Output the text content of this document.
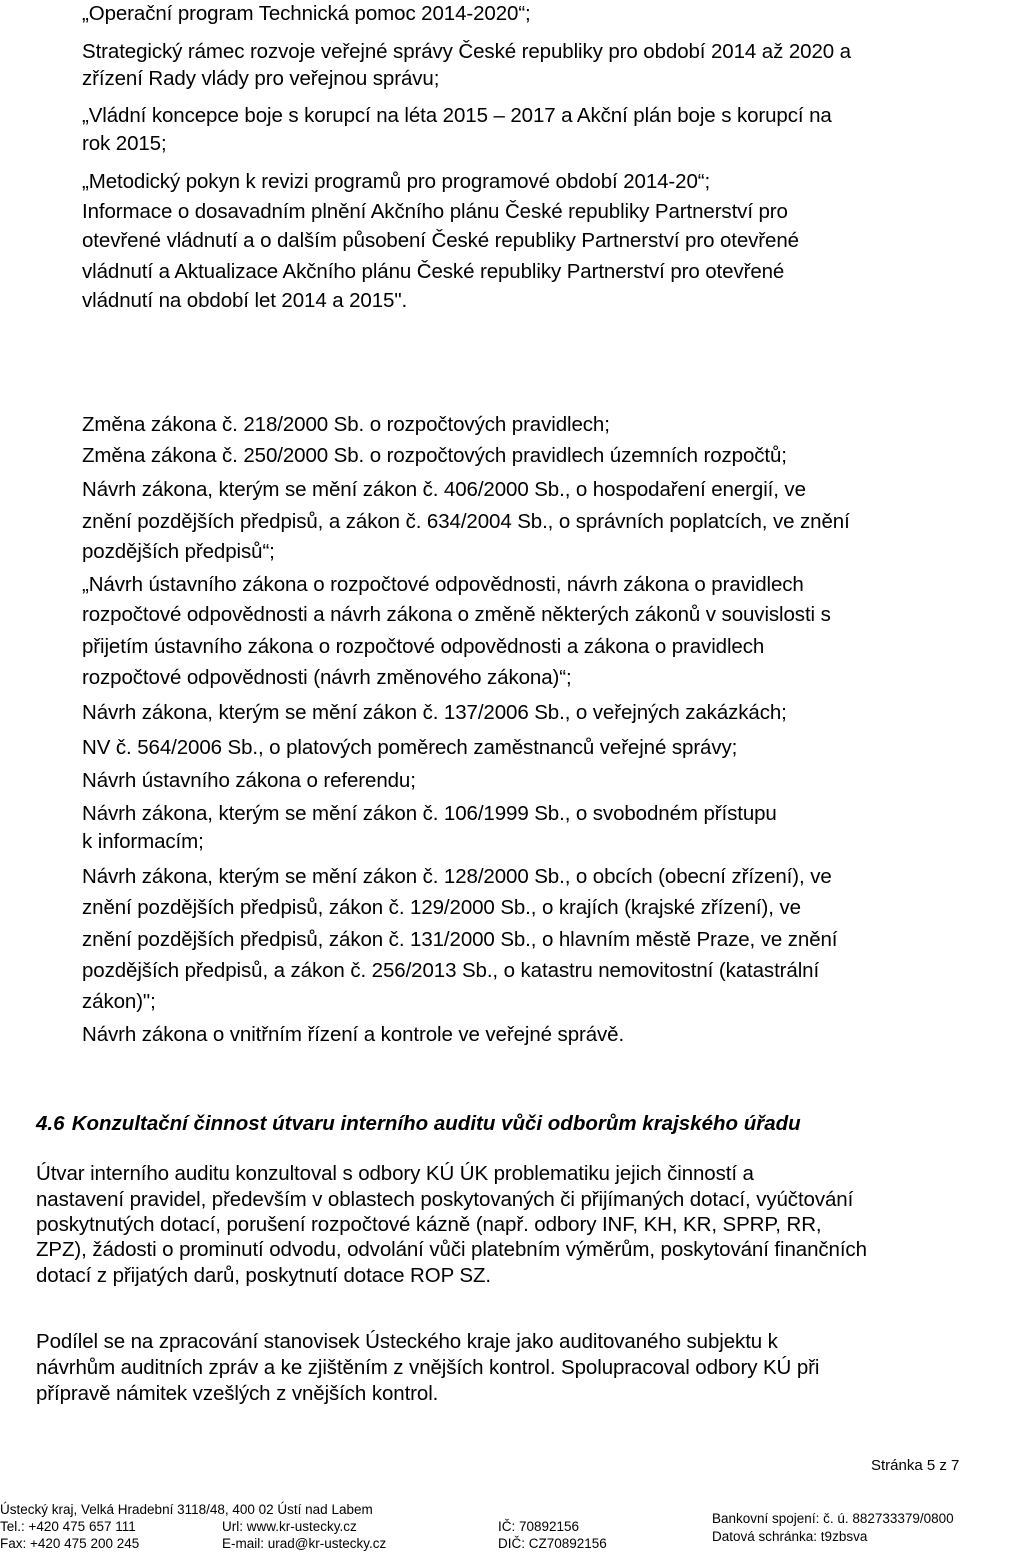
„Operační program Technická pomoc 2014-2020“;
Strategický rámec rozvoje veřejné správy České republiky pro období 2014 až 2020 a
zřízení Rady vlády pro veřejnou správu;
„Vládní koncepce boje s korupcí na léta 2015 – 2017 a Akční plán boje s korupcí na
rok 2015;
„Metodický pokyn k revizi programů pro programové období 2014-20“;
Informace o dosavadním plnění Akčního plánu České republiky Partnerství pro
otevřené vládnutí a o dalším působení České republiky Partnerství pro otevřené
vládnutí a Aktualizace Akčního plánu České republiky Partnerství pro otevřené
vládnutí na období let 2014 a 2015".
Změna zákona č. 218/2000 Sb. o rozpočtových pravidlech;
Změna zákona č. 250/2000 Sb. o rozpočtových pravidlech územních rozpočtů;
Návrh zákona, kterým se mění zákon č. 406/2000 Sb., o hospodaření energií, ve
znění pozdějších předpisů, a zákon č. 634/2004 Sb., o správních poplatcích, ve znění
pozdějších předpisů“;
„Návrh ústavního zákona o rozpočtové odpovědnosti, návrh zákona o pravidlech
rozpočtové odpovědnosti a návrh zákona o změně některých zákonů v souvislosti s
přijetím ústavního zákona o rozpočtové odpovědnosti a zákona o pravidlech
rozpočtové odpovědnosti (návrh změnového zákona)“;
Návrh zákona, kterým se mění zákon č. 137/2006 Sb., o veřejných zakázkách;
NV č. 564/2006 Sb., o platových poměrech zaměstnanců veřejné správy;
Návrh ústavního zákona o referendu;
Návrh zákona, kterým se mění zákon č. 106/1999 Sb., o svobodném přístupu
k informacím;
Návrh zákona, kterým se mění zákon č. 128/2000 Sb., o obcích (obecní zřízení), ve
znění pozdějších předpisů, zákon č. 129/2000 Sb., o krajích (krajské zřízení), ve
znění pozdějších předpisů, zákon č. 131/2000 Sb., o hlavním městě Praze, ve znění
pozdějších předpisů, a zákon č. 256/2013 Sb., o katastru nemovitostní (katastrální
zákon)";
Návrh zákona o vnitřním řízení a kontrole ve veřejné správě.
4.6 Konzultační činnost útvaru interního auditu vůči odborům krajského úřadu
Útvar interního auditu konzultoval s odbory KÚ ÚK problematiku jejich činností a
nastavení pravidel, především v oblastech poskytovaných či přijímaných dotací, vyúčtování
poskytnutých dotací, porušení rozpočtové kázně (např. odbory INF, KH, KR, SPRP, RR,
ZPZ), žádosti o prominutí odvodu, odvolání vůči platebním výměrům, poskytování finančních
dotací z přijatých darů, poskytnutí dotace ROP SZ.
Podílel se na zpracování stanovisek Ústeckého kraje jako auditovaného subjektu k
návrhům auditních zpráv a ke zjištěním z vnějších kontrol. Spolupracoval odbory KÚ při
přípravě námitek vzešlých z vnějších kontrol.
Stránka 5 z 7
Ústecký kraj, Velká Hradební 3118/48, 400 02 Ústí nad Labem
Tel.: +420 475 657 111	Url: www.kr-ustecky.cz	IČ: 70892156
Bankovní spojení: č. ú. 882733379/0800
Fax: +420 475 200 245	E-mail: urad@kr-ustecky.cz	DIČ: CZ70892156	Datová schránka: t9zbsva
